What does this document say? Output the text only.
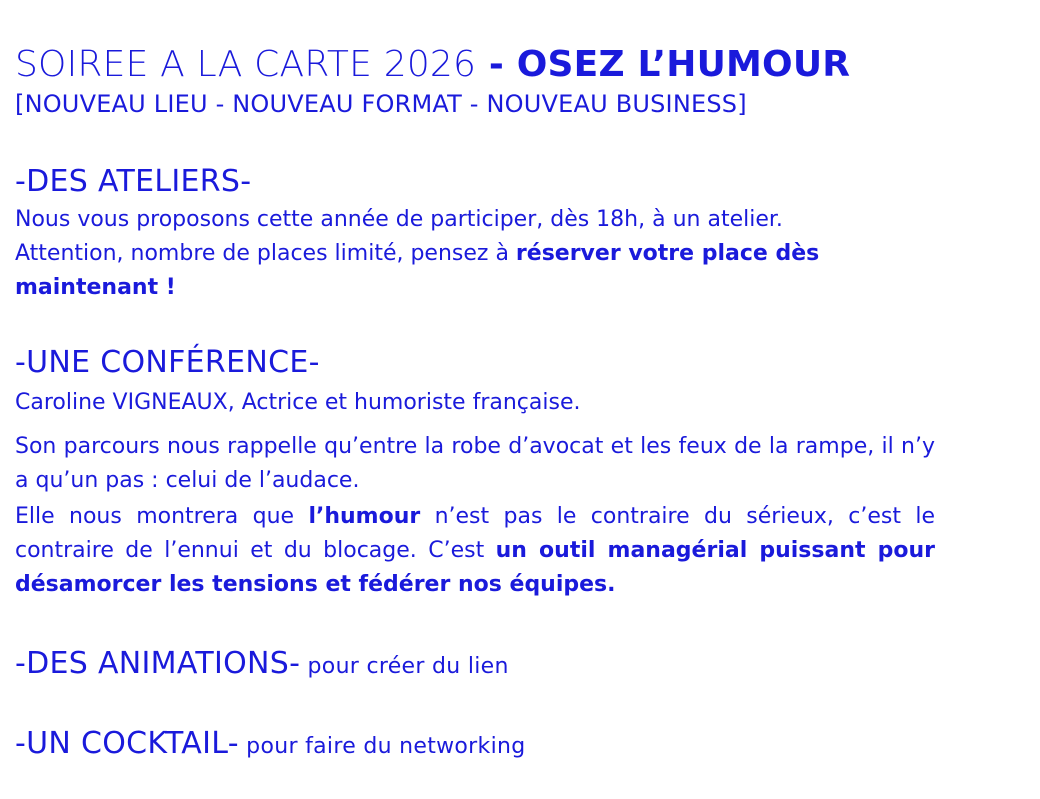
SOIREE A LA CARTE 2026 - OSEZ L’HUMOUR
[NOUVEAU LIEU - NOUVEAU FORMAT - NOUVEAU BUSINESS]
-DES ATELIERS-
Nous vous proposons cette année de participer, dès 18h, à un atelier.
Attention, nombre de places limité, pensez à réserver votre place dès
maintenant !
-UNE CONFÉRENCE-
Caroline VIGNEAUX, Actrice et humoriste française.
Son parcours nous rappelle qu’entre la robe d’avocat et les feux de la rampe, il n’y a qu’un pas : celui de l’audace.
Elle nous montrera que l’humour n’est pas le contraire du sérieux, c’est le contraire de l’ennui et du blocage. C’est un outil managérial puissant pour désamorcer les tensions et fédérer nos équipes.
-DES ANIMATIONS- pour créer du lien
-UN COCKTAIL- pour faire du networking
